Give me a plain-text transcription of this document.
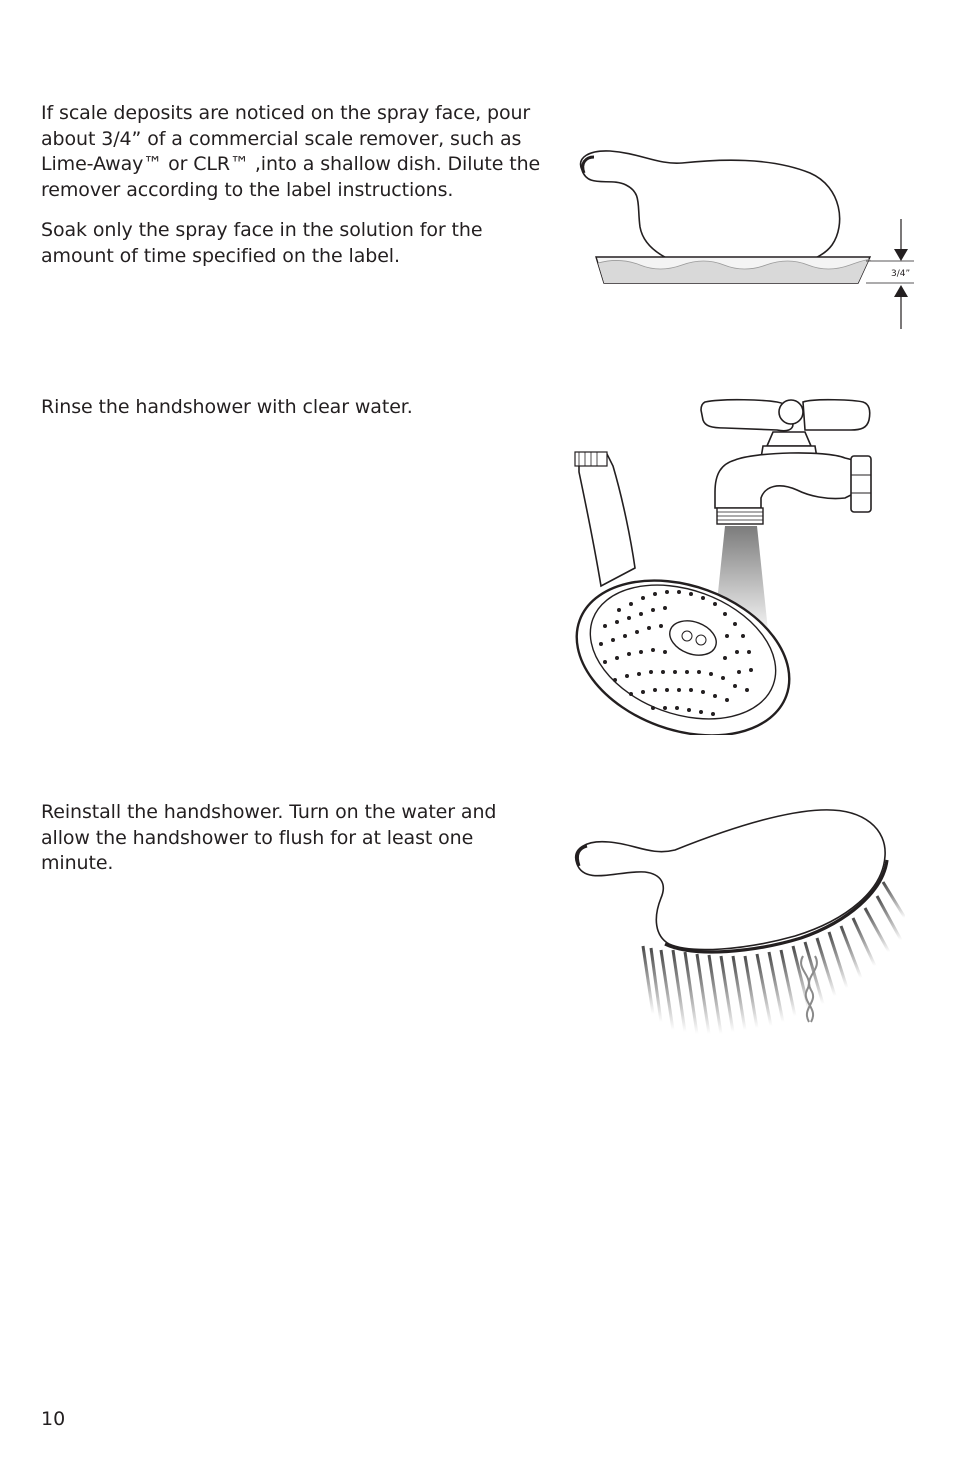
If scale deposits are noticed on the spray face, pour about 3/4” of a commercial scale remover, such as Lime-Away™ or CLR™ ,into a shallow dish. Dilute the remover according to the label instructions.

Soak only the spray face in the solution for the amount of time specified on the label.

3/4”

Rinse the handshower with clear water.

Reinstall the handshower. Turn on the water and allow the handshower to flush for at least one minute.

10
